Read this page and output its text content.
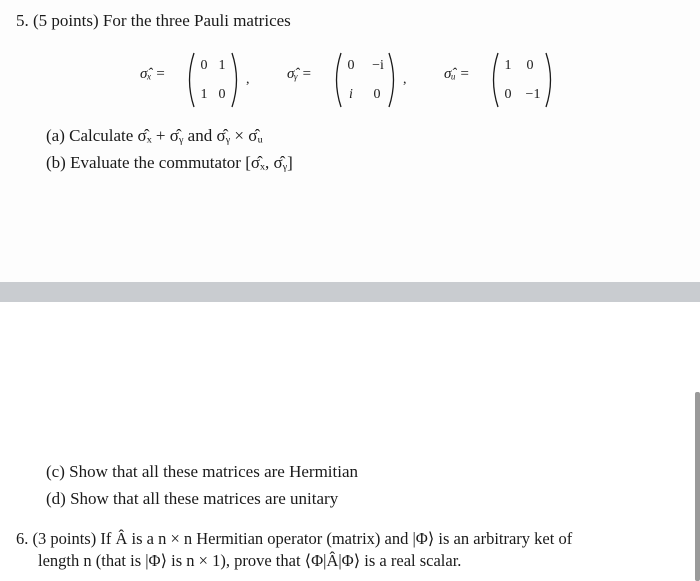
5. (5 points) For the three Pauli matrices
σ̂ₓ =
0 1
1 0
,	σ̂ᵧ =
0	−i
i	0
,	σ̂ᵤ =
1	0
0	−1
(a) Calculate σ̂ₓ + σ̂ᵧ and σ̂ᵧ × σ̂ᵤ
(b) Evaluate the commutator [σ̂ₓ, σ̂ᵧ]
(c) Show that all these matrices are Hermitian
(d) Show that all these matrices are unitary
6. (3 points) If Â is a n × n Hermitian operator (matrix) and |Φ⟩ is an arbitrary ket of
length n (that is |Φ⟩ is n × 1), prove that ⟨Φ|Â|Φ⟩ is a real scalar.
